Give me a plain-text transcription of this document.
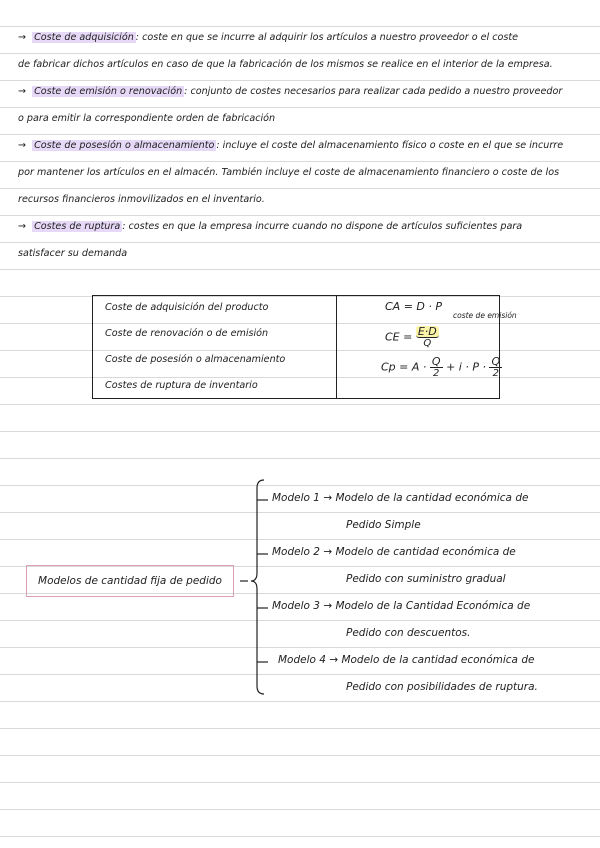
→ Coste de adquisición : coste en que se incurre al adquirir los artículos a nuestro proveedor o el coste
de fabricar dichos artículos en caso de que la fabricación de los mismos se realice en el interior de la empresa.
→ Coste de emisión o renovación : conjunto de costes necesarios para realizar cada pedido a nuestro proveedor
o para emitir la correspondiente orden de fabricación
→ Coste de posesión o almacenamiento : incluye el coste del almacenamiento físico o coste en el que se incurre
por mantener los artículos en el almacén. También incluye el coste de almacenamiento financiero o coste de los
recursos financieros inmovilizados en el inventario.
→ Costes de ruptura : costes en que la empresa incurre cuando no dispone de artículos suficientes para
satisfacer su demanda
Coste de adquisición del producto
Coste de renovación o de emisión
Coste de posesión o almacenamiento
Costes de ruptura de inventario
CA = D · P
CE = $\frac{E\cdot D}{Q}$
coste de emisión
$Cp = A \cdot \frac{Q}{2} + i \cdot P \cdot \frac{Q}{2}$
Modelos de cantidad fija de pedido
Modelo 1 → Modelo de la cantidad económica de
Pedido Simple
Modelo 2 → Modelo de cantidad económica de
Pedido con suministro gradual
Modelo 3 → Modelo de la Cantidad Económica de
Pedido con descuentos.
Modelo 4 → Modelo de la cantidad económica de
Pedido con posibilidades de ruptura.
